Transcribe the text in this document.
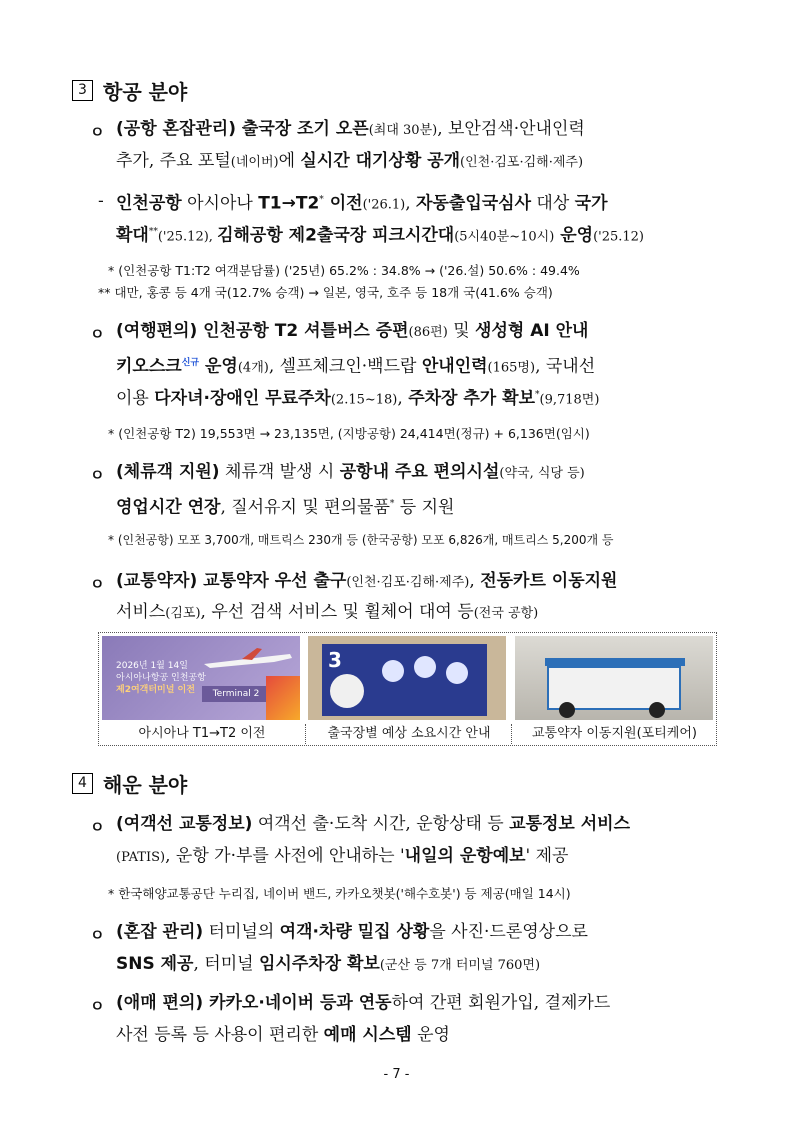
3 항공 분야
ㅇ (공항 혼잡관리) 출국장 조기 오픈(최대 30분), 보안검색·안내인력
추가, 주요 포털(네이버)에 실시간 대기상황 공개(인천·김포·김해·제주)
- 인천공항 아시아나 T1→T2* 이전('26.1), 자동출입국심사 대상 국가
확대**('25.12), 김해공항 제2출국장 피크시간대(5시40분~10시) 운영('25.12)
* (인천공항 T1:T2 여객분담률) ('25년) 65.2% : 34.8% → ('26.설) 50.6% : 49.4%
** 대만, 홍콩 등 4개 국(12.7% 승객) → 일본, 영국, 호주 등 18개 국(41.6% 승객)
ㅇ (여행편의) 인천공항 T2 셔틀버스 증편(86편) 및 생성형 AI 안내
키오스크$^{신규}$ 운영(4개), 셀프체크인·백드랍 안내인력(165명), 국내선
이용 다자녀·장애인 무료주차(2.15~18), 주차장 추가 확보*(9,718면)
* (인천공항 T2) 19,553면 → 23,135면, (지방공항) 24,414면(정규) + 6,136면(임시)
ㅇ (체류객 지원) 체류객 발생 시 공항내 주요 편의시설(약국, 식당 등)
영업시간 연장, 질서유지 및 편의물품* 등 지원
* (인천공항) 모포 3,700개, 매트릭스 230개 등 (한국공항) 모포 6,826개, 매트리스 5,200개 등
ㅇ (교통약자) 교통약자 우선 출구(인천·김포·김해·제주), 전동카트 이동지원
서비스(김포), 우선 검색 서비스 및 휠체어 대여 등(전국 공항)
2026년 1월 14일
아시아나항공 인천공항
제2여객터미널 이전	Terminal 2
3
아시아나 T1→T2 이전	출국장별 예상 소요시간 안내	교통약자 이동지원(포티케어)
4 해운 분야
ㅇ (여객선 교통정보) 여객선 출·도착 시간, 운항상태 등 교통정보 서비스
(PATIS), 운항 가·부를 사전에 안내하는 '내일의 운항예보' 제공
* 한국해양교통공단 누리집, 네이버 밴드, 카카오챗봇('해수호봇') 등 제공(매일 14시)
ㅇ (혼잡 관리) 터미널의 여객·차량 밀집 상황을 사진·드론영상으로
SNS 제공, 터미널 임시주차장 확보(군산 등 7개 터미널 760면)
ㅇ (애매 편의) 카카오·네이버 등과 연동하여 간편 회원가입, 결제카드
사전 등록 등 사용이 편리한 예매 시스템 운영
- 7 -
